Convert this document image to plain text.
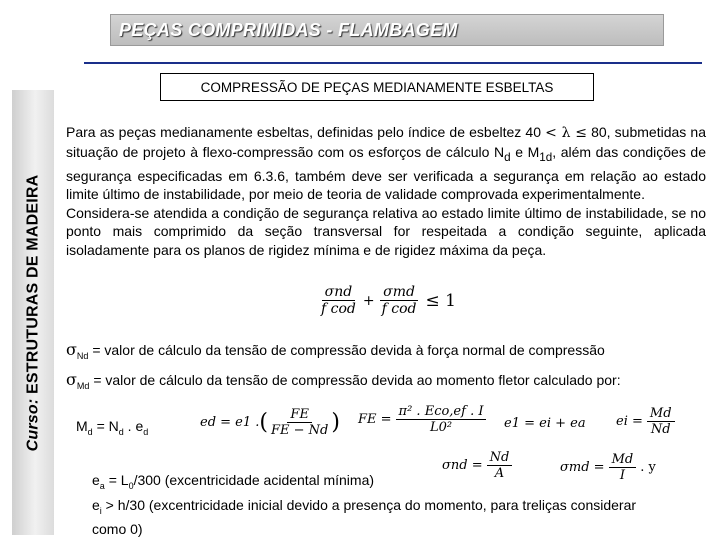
Curso: ESTRUTURAS DE MADEIRA
PEÇAS COMPRIMIDAS - FLAMBAGEM
COMPRESSÃO DE PEÇAS MEDIANAMENTE ESBELTAS

Para as peças medianamente esbeltas, definidas pelo índice de esbeltez 40 < λ ≤ 80, submetidas na situação de projeto à flexo-compressão com os esforços de cálculo $N_d$ e $M_{1d}$, além das condições de segurança especificadas em 6.3.6, também deve ser verificada a segurança em relação ao estado limite último de instabilidade, por meio de teoria de validade comprovada experimentalmente.

Considera-se atendida a condição de segurança relativa ao estado limite último de instabilidade, se no ponto mais comprimido da seção transversal for respeitada a condição seguinte, aplicada isoladamente para os planos de rigidez mínima e de rigidez máxima da peça.

$\frac{\text{σnd}}{\text{f cod}} + \frac{\text{σmd}}{\text{f cod}} \le 1$
$\sigma_{Nd}$ = valor de cálculo da tensão de compressão devida à força normal de compressão
$\sigma_{Md}$ = valor de cálculo da tensão de compressão devida ao momento fletor calculado por:
$M_d = N_d$ . $e_d$
ed = e1 . ( $\frac{FE}{FE - Nd}$ ) FE = $\frac{\text{π² . Eco,ef . I}}{\text{L0²}} e1$ = ei + ea ei = $\frac{Md}{Nd}$
$\sigma nd = \frac{Nd}{A}$	$\sigma md = \frac{Md}{I}$ . y
$e_a = L_0/300$ (excentricidade acidental mínima)
$e_i > h/30$ (excentricidade inicial devido a presença do momento, para treliças considerar como 0)
